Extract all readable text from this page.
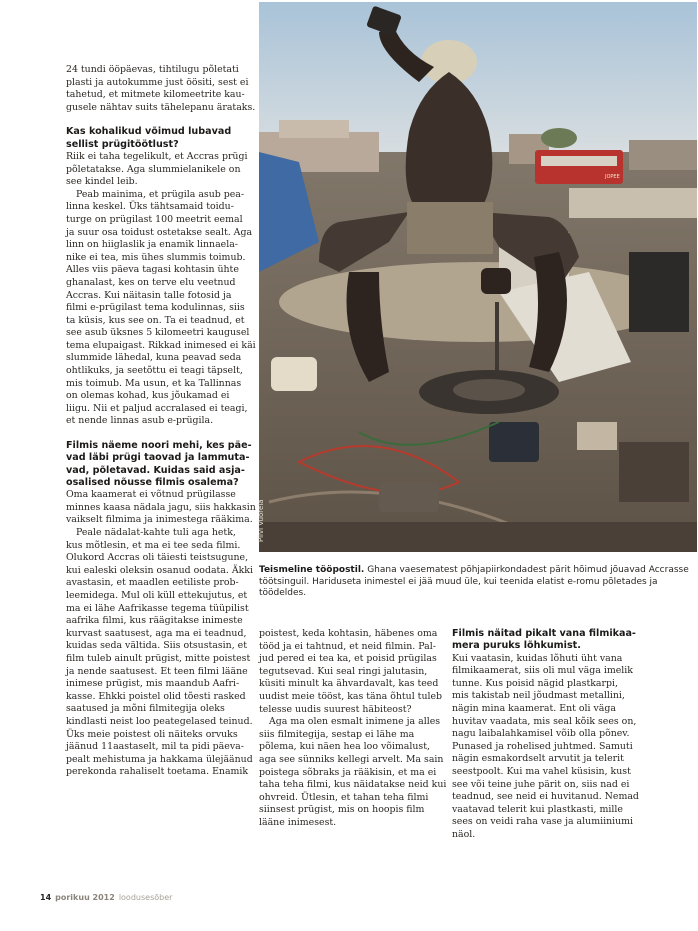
24 tundi ööpäevas, tihtilugu põletati
plasti ja autokumme just öösiti, sest ei
tahetud, et mitmete kilomeetrite kau-
gusele nähtav suits tähelepanu ärataks.
Kas kohalikud võimud lubavad
sellist prügitöötlust?
Riik ei taha tegelikult, et Accras prügi
põletatakse. Aga slummielanikele on
see kindel leib.
Peab mainima, et prügila asub pea-
linna keskel. Üks tähtsamaid toidu-
turge on prügilast 100 meetrit eemal
ja suur osa toidust ostetakse sealt. Aga
linn on hiiglaslik ja enamik linnaela-
nike ei tea, mis ühes slummis toimub.
Alles viis päeva tagasi kohtasin ühte
ghanalast, kes on terve elu veetnud
Accras. Kui näitasin talle fotosid ja
filmi e-prügilast tema kodulinnas, siis
ta küsis, kus see on. Ta ei teadnud, et
see asub üksnes 5 kilomeetri kaugusel
tema elupaigast. Rikkad inimesed ei käi
slummide lähedal, kuna peavad seda
ohtlikuks, ja seetõttu ei teagi täpselt,
mis toimub. Ma usun, et ka Tallinnas
on olemas kohad, kus jõukamad ei
liigu. Nii et paljud accralased ei teagi,
et nende linnas asub e-prügila.
Filmis näeme noori mehi, kes päe-
vad läbi prügi taovad ja lammuta-
vad, põletavad. Kuidas said asja-
osalised nõusse filmis osalema?
Oma kaamerat ei võtnud prügilasse
minnes kaasa nädala jagu, siis hakkasin
vaikselt filmima ja inimestega rääkima.
Peale nädalat-kahte tuli aga hetk,
kus mõtlesin, et ma ei tee seda filmi.
Olukord Accras oli täiesti teistsugune,
kui ealeski oleksin osanud oodata. Äkki
avastasin, et maadlen eetiliste prob-
leemidega. Mul oli küll ettekujutus, et
ma ei lähe Aafrikasse tegema tüüpilist
aafrika filmi, kus räägitakse inimeste
kurvast saatusest, aga ma ei teadnud,
kuidas seda vältida. Siis otsustasin, et
film tuleb ainult prügist, mitte poistest
ja nende saatusest. Et teen filmi lääne
inimese prügist, mis maandub Aafri-
kasse. Ehkki poistel olid tõesti rasked
saatused ja mõni filmitegija oleks
kindlasti neist loo peategelased teinud.
Üks meie poistest oli näiteks orvuks
jäänud 11aastaselt, mil ta pidi päeva-
pealt mehistuma ja hakkama ülejäänud
perekonda rahaliselt toetama. Enamik
JOPEE
Pilvi Vuorela
Teismeline tööpostil. Ghana vaesematest põhjapiirkondadest pärit hõimud jõuavad Accrasse töötsinguil. Hariduseta inimestel ei jää muud üle, kui teenida elatist e-romu põletades ja töödeldes.
poistest, keda kohtasin, häbenes oma
tööd ja ei tahtnud, et neid filmin. Pal-
jud pered ei tea ka, et poisid prügilas
tegutsevad. Kui seal ringi jalutasin,
küsiti minult ka ähvardavalt, kas teed
uudist meie tööst, kas täna õhtul tuleb
telesse uudis suurest häbiteost?
Aga ma olen esmalt inimene ja alles
siis filmitegija, sestap ei lähe ma
põlema, kui näen hea loo võimalust,
aga see sünniks kellegi arvelt. Ma sain
poistega sõbraks ja rääkisin, et ma ei
taha teha filmi, kus näidatakse neid kui
ohvreid. Ütlesin, et tahan teha filmi
siinsest prügist, mis on hoopis film
lääne inimesest.
Filmis näitad pikalt vana filmikaa-
mera puruks lõhkumist.
Kui vaatasin, kuidas lõhuti üht vana
filmikaamerat, siis oli mul väga imelik
tunne. Kus poisid nägid plastkarpi,
mis takistab neil jõudmast metallini,
nägin mina kaamerat. Ent oli väga
huvitav vaadata, mis seal kõik sees on,
nagu laibalahkamisel võib olla põnev.
Punased ja rohelised juhtmed. Samuti
nägin esmakordselt arvutit ja telerit
seestpoolt. Kui ma vahel küsisin, kust
see või teine juhe pärit on, siis nad ei
teadnud, see neid ei huvitanud. Nemad
vaatavad telerit kui plastkasti, mille
sees on veidi raha vase ja alumiiniumi
näol.
14 porikuu 2012 loodusesõber
